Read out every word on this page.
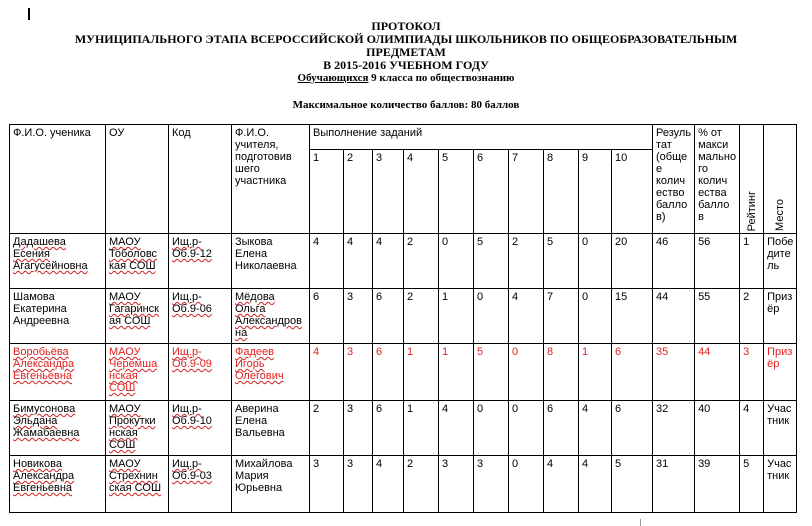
ПРОТОКОЛ
МУНИЦИПАЛЬНОГО ЭТАПА ВСЕРОССИЙСКОЙ ОЛИМПИАДЫ ШКОЛЬНИКОВ ПО ОБЩЕОБРАЗОВАТЕЛЬНЫМ
ПРЕДМЕТАМ
В 2015-2016 УЧЕБНОМ ГОДУ
Обучающихся 9 класса по обществознанию
Максимальное количество баллов: 80 баллов
Ф.И.О. ученика	ОУ	Код	Ф.И.О. учителя, подготовив шего участника	Выполнение заданий										Резуль тат (обще е колич ество балло в)	% от макси мально го колич ества балло в	Рейтинг	Место

				1	2	3	4	5	6	7	8	9	10				
Дадашева Есения Агагусейновна	МАОУ Тоболовс кая СОШ	Ищ.р-Об.9-12	Зыкова Елена Николаевна	4	4	4	2	0	5	2	5	0	20	46	56	1	Побе дите ль
Шамова Екатерина Андреевна	МАОУ Гагаринск ая СОШ	Ищ.р-Об.9-06	Мёдова Ольга Александров на	6	3	6	2	1	0	4	7	0	15	44	55	2	Приз ёр
Воробьёва Александра Евгеньевна	МАОУ Черемша нская СОШ	Ищ.р-Об.9-09	Фадеев Игорь Олегович	4	3	6	1	1	5	0	8	1	6	35	44	3	Приз ёр
Бимусонова Эльдана Жамабаевна	МАОУ Прокутки нская СОШ	Ищ.р-Об.9-10	Аверина Елена Вальевна	2	3	6	1	4	0	0	6	4	6	32	40	4	Учас тник
Новикова Александра Евгеньевна	МАОУ Стрехнин ская СОШ	Ищ.р-Об.9-03	Михайлова Мария Юрьевна	3	3	4	2	3	3	0	4	4	5	31	39	5	Учас тник
